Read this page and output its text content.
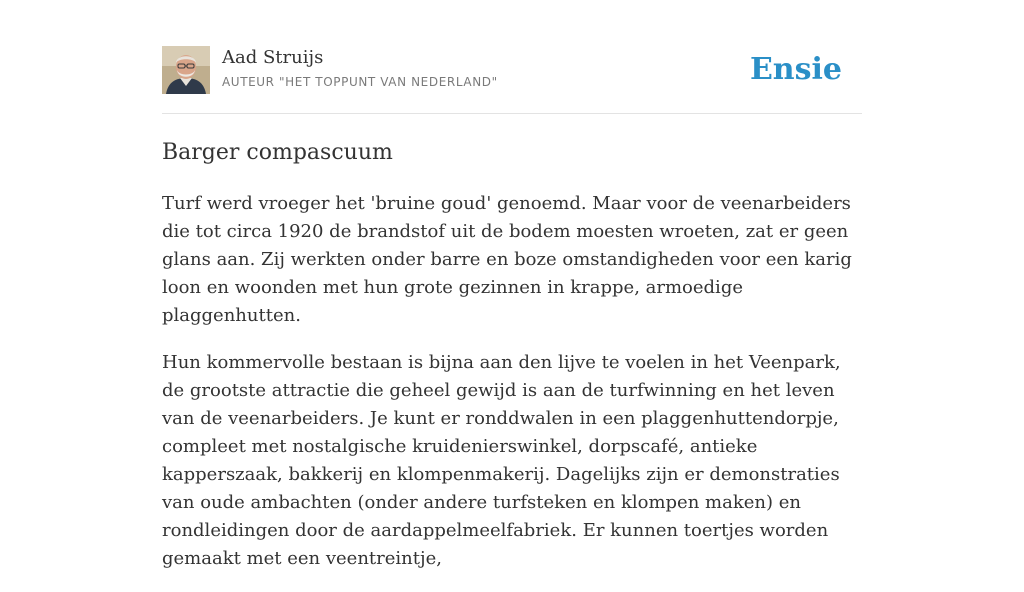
Aad Struijs
AUTEUR "HET TOPPUNT VAN NEDERLAND"	Ensie
Barger compascuum

Turf werd vroeger het 'bruine goud' genoemd. Maar voor de veenarbeiders die tot circa 1920 de brandstof uit de bodem moesten wroeten, zat er geen glans aan. Zij werkten onder barre en boze omstandigheden voor een karig loon en woonden met hun grote gezinnen in krappe, armoedige plaggenhutten.

Hun kommervolle bestaan is bijna aan den lijve te voelen in het Veenpark, de grootste attractie die geheel gewijd is aan de turfwinning en het leven van de veenarbeiders. Je kunt er ronddwalen in een plaggenhuttendorpje, compleet met nostalgische kruidenierswinkel, dorpscafé, antieke kapperszaak, bakkerij en klompenmakerij. Dagelijks zijn er demonstraties van oude ambachten (onder andere turfsteken en klompen maken) en rondleidingen door de aardappelmeelfabriek. Er kunnen toertjes worden gemaakt met een veentreintje,
